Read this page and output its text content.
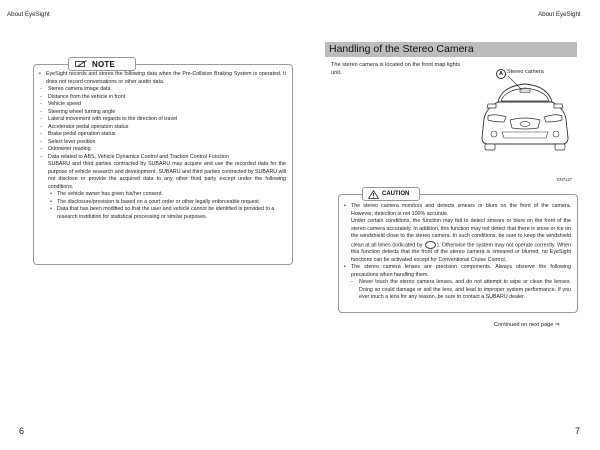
About EyeSight	About EyeSight
NOTE

• EyeSight records and stores the following data when the Pre-Collision Braking System is operated. It does not record conversations or other audio data.

- Stereo camera image data
- Distance from the vehicle in front
- Vehicle speed
- Steering wheel turning angle
- Lateral movement with regards to the direction of travel
- Accelerator pedal operation status
- Brake pedal operation status
- Select lever position
- Odometer reading
- Data related to ABS, Vehicle Dynamics Control and Traction Control Function

SUBARU and third parties contracted by SUBARU may acquire and use the recorded data for the purpose of vehicle research and development. SUBARU and third parties contracted by SUBARU will not disclose or provide the acquired data to any other third party except under the following conditions.

• The vehicle owner has given his/her consent.
• The disclosure/provision is based on a court order or other legally enforceable request.
• Data that has been modified so that the user and vehicle cannot be identified is provided to a research institution for statistical processing or similar purposes.
6	7
Handling of the Stereo Camera
The stereo camera is located on the front map lights unit.	A Stereo camera
EN7127
CAUTION

• The stereo camera monitors and detects smears or blurs on the front of the camera. However, detection is not 100% accurate.

Under certain conditions, the function may fail to detect smears or blurs on the front of the stereo camera accurately. In addition, this function may not detect that there is snow or ice on the windshield close to the stereo camera. In such conditions, be sure to keep the windshield clean at all times (indicated by	). Otherwise the system may not operate correctly. When this function detects that the front of the stereo camera is smeared or blurred, no EyeSight functions can be activated except for Conventional Cruise Control.

• The stereo camera lenses are precision components. Always observe the following precautions when handling them.

- Never touch the stereo camera lenses, and do not attempt to wipe or clean the lenses. Doing so could damage or soil the lens, and lead to improper system performance. If you ever touch a lens for any reason, be sure to contact a SUBARU dealer.
Continued on next page ⇒
